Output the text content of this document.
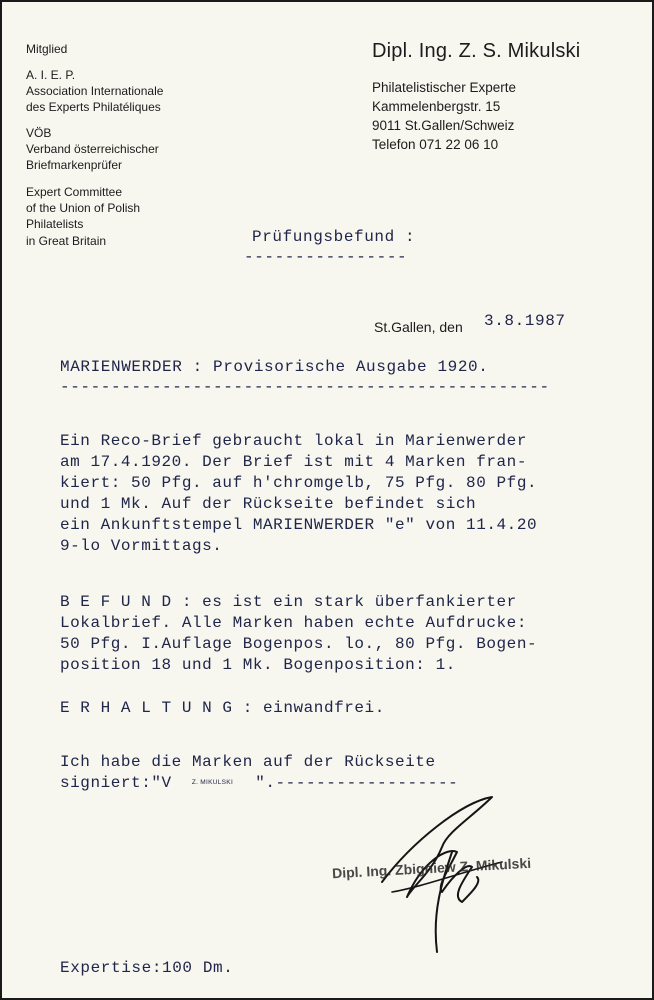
Mitglied
A. I. E. P.
Association Internationale
des Experts Philatéliques
VÖB
Verband österreichischer
Briefmarkenprüfer
Expert Committee
of the Union of Polish
Philatelists
in Great Britain
Dipl. Ing. Z. S. Mikulski
Philatelistischer Experte
Kammelenbergstr. 15
9011 St.Gallen/Schweiz
Telefon 071 22 06 10
Prüfungsbefund :
----------------
St.Gallen, den 3.8.1987
MARIENWERDER : Provisorische Ausgabe 1920.
------------------------------------------------
Ein Reco-Brief gebraucht lokal in Marienwerder
am 17.4.1920. Der Brief ist mit 4 Marken fran-
kiert: 50 Pfg. auf h'chromgelb, 75 Pfg. 80 Pfg.
und 1 Mk. Auf der Rückseite befindet sich
ein Ankunftstempel MARIENWERDER "e" von 11.4.20
9-lo Vormittags.
B E F U N D : es ist ein stark überfankierter
Lokalbrief. Alle Marken haben echte Aufdrucke:
50 Pfg. I.Auflage Bogenpos. lo., 80 Pfg. Bogen-
position 18 und 1 Mk. Bogenposition: 1.
E R H A L T U N G : einwandfrei.
Ich habe die Marken auf der Rückseite
signiert:"V	Z. MIKULSKI ".------------------
Dipl. Ing. Zbigniew Z. Mikulski
Expertise:100 Dm.
